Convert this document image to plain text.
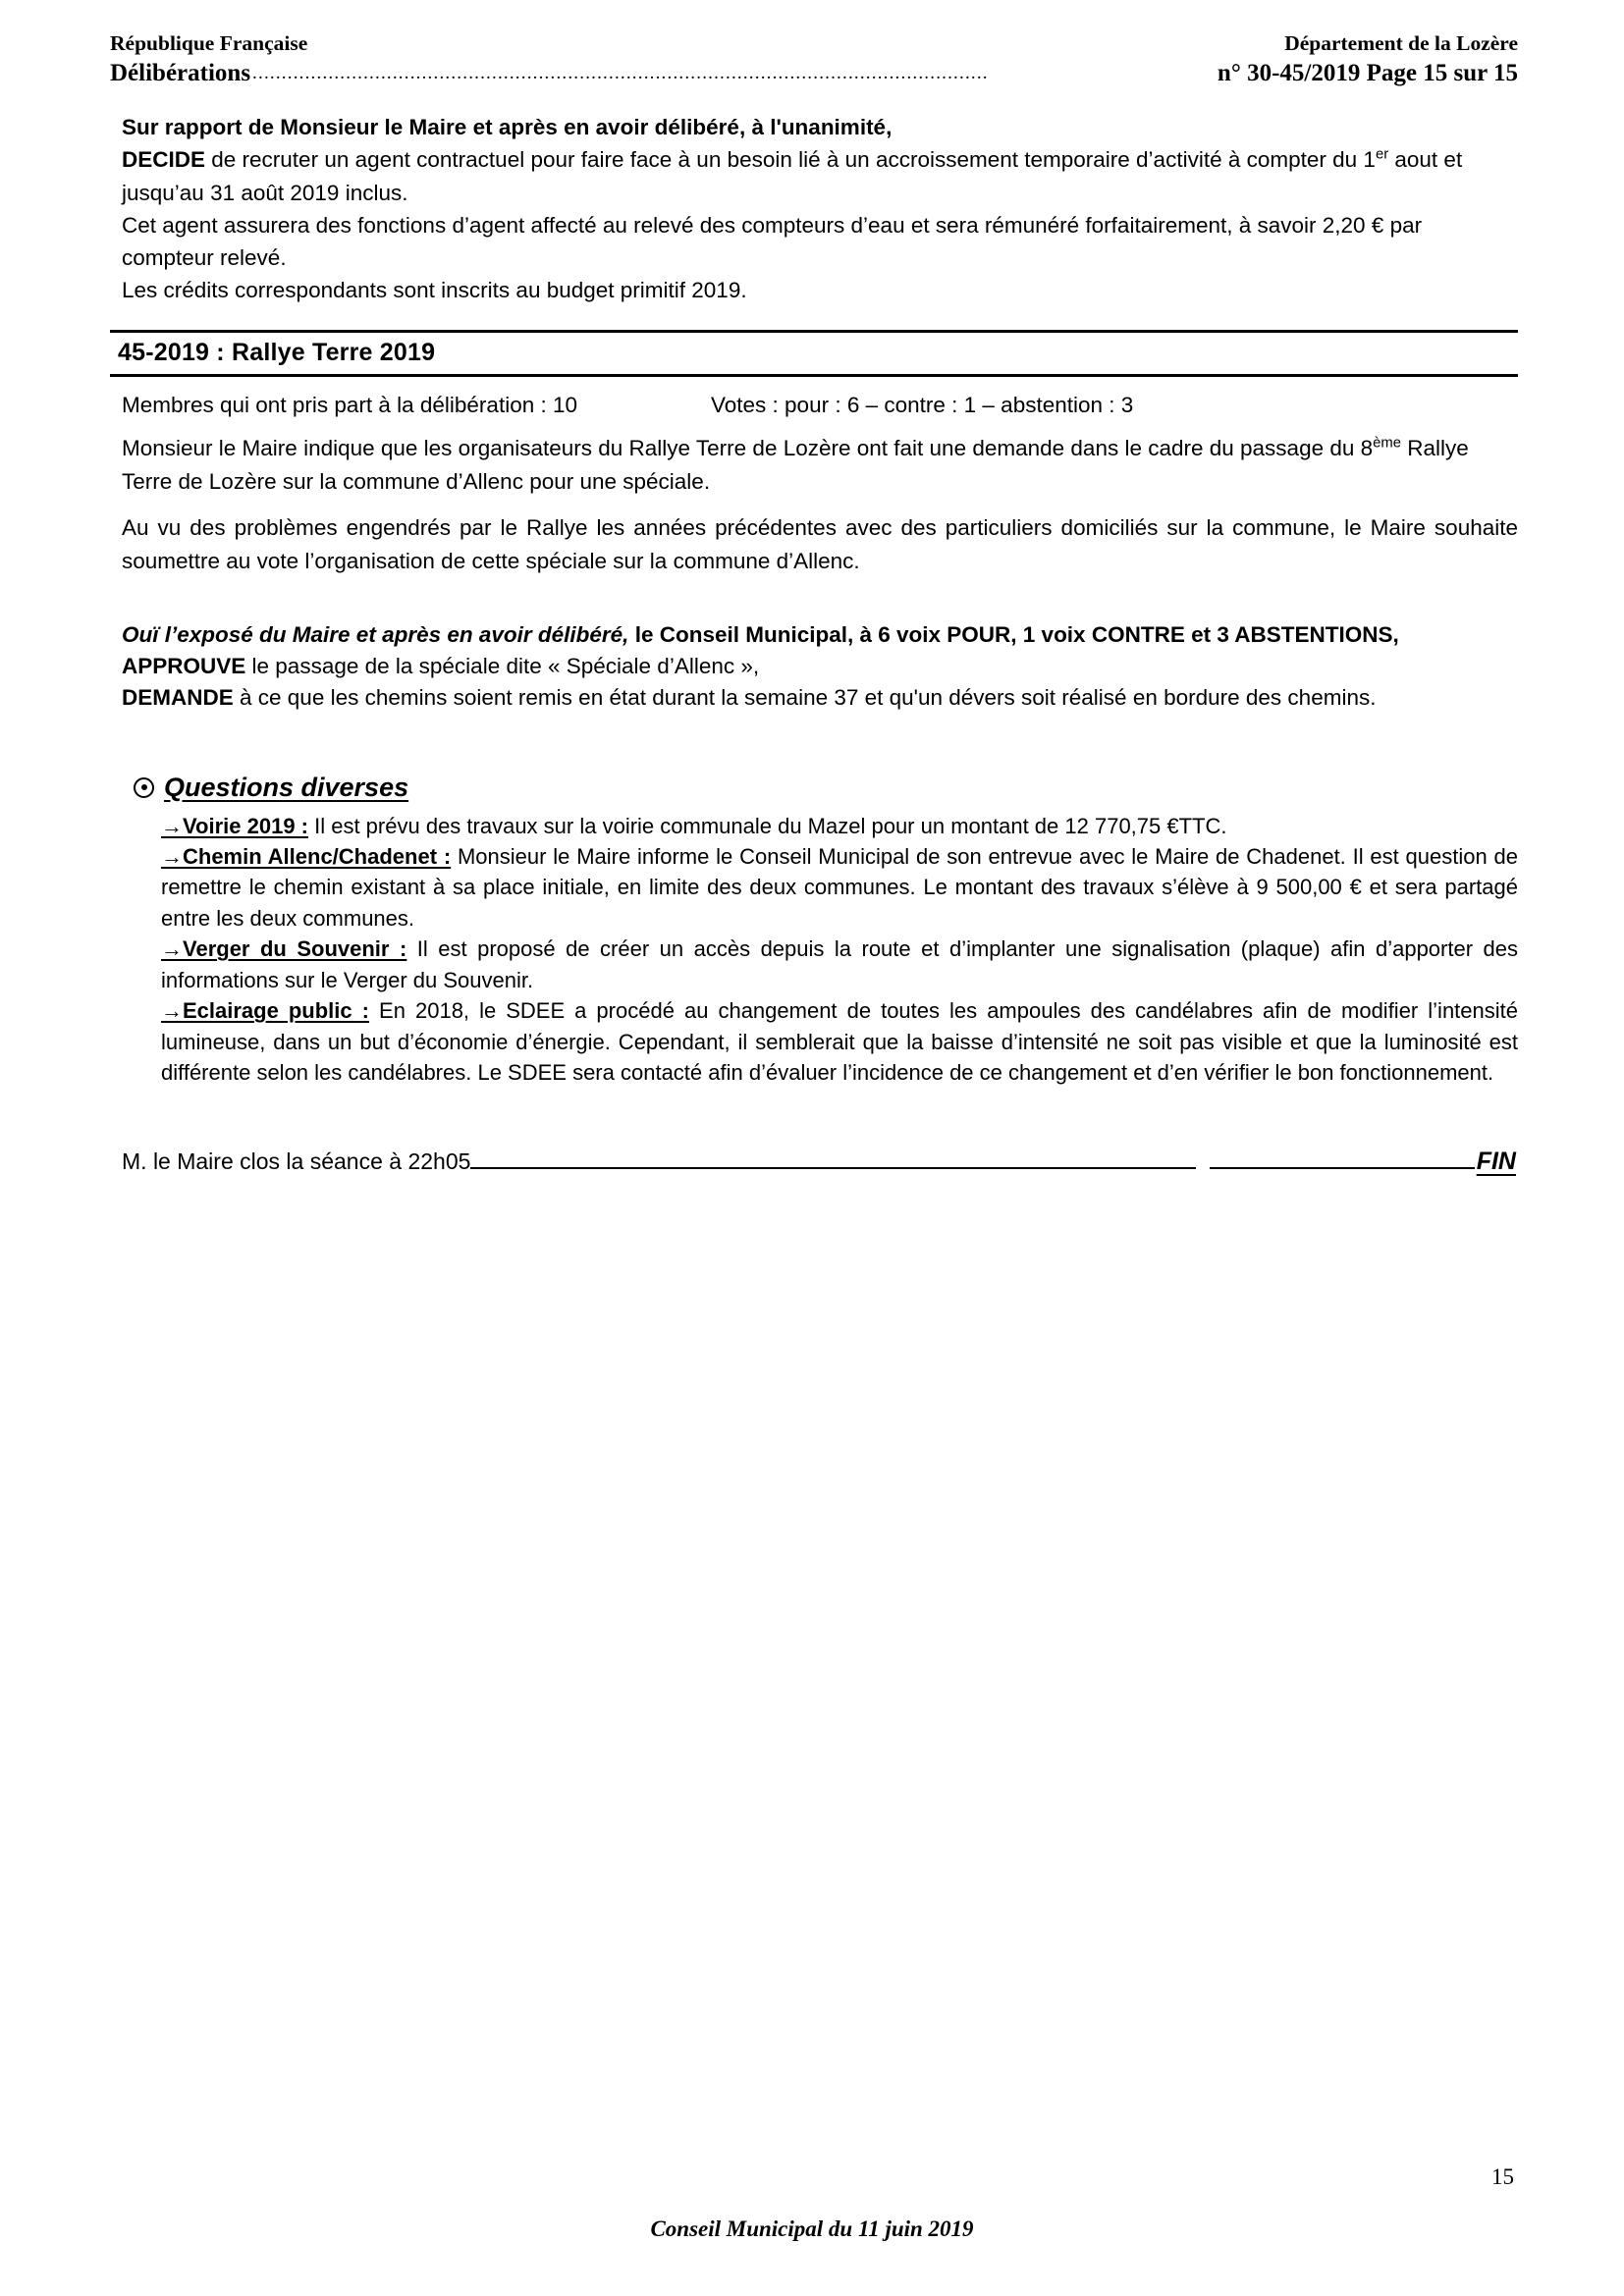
République Française	Département de la Lozère
Délibérations ..............................................................................................................................	n° 30-45/2019 Page 15 sur 15

Sur rapport de Monsieur le Maire et après en avoir délibéré, à l'unanimité,

DECIDE de recruter un agent contractuel pour faire face à un besoin lié à un accroissement temporaire d’activité à compter du 1er aout et jusqu’au 31 août 2019 inclus.

Cet agent assurera des fonctions d’agent affecté au relevé des compteurs d’eau et sera rémunéré forfaitairement, à savoir 2,20 € par compteur relevé.

Les crédits correspondants sont inscrits au budget primitif 2019.

45-2019 : Rallye Terre 2019
Membres qui ont pris part à la délibération : 10	Votes : pour : 6 – contre : 1 – abstention : 3
Monsieur le Maire indique que les organisateurs du Rallye Terre de Lozère ont fait une demande dans le cadre du passage du 8ème Rallye Terre de Lozère sur la commune d’Allenc pour une spéciale.
Au vu des problèmes engendrés par le Rallye les années précédentes avec des particuliers domiciliés sur la commune, le Maire souhaite soumettre au vote l’organisation de cette spéciale sur la commune d’Allenc.

Ouï l’exposé du Maire et après en avoir délibéré, le Conseil Municipal, à 6 voix POUR, 1 voix CONTRE et 3 ABSTENTIONS,

APPROUVE le passage de la spéciale dite « Spéciale d’Allenc »,

DEMANDE à ce que les chemins soient remis en état durant la semaine 37 et qu'un dévers soit réalisé en bordure des chemins.

Questions diverses

→Voirie 2019 : Il est prévu des travaux sur la voirie communale du Mazel pour un montant de 12 770,75 €TTC.

→Chemin Allenc/Chadenet : Monsieur le Maire informe le Conseil Municipal de son entrevue avec le Maire de Chadenet. Il est question de remettre le chemin existant à sa place initiale, en limite des deux communes. Le montant des travaux s’élève à 9 500,00 € et sera partagé entre les deux communes.

→Verger du Souvenir : Il est proposé de créer un accès depuis la route et d’implanter une signalisation (plaque) afin d’apporter des informations sur le Verger du Souvenir.

→Eclairage public : En 2018, le SDEE a procédé au changement de toutes les ampoules des candélabres afin de modifier l’intensité lumineuse, dans un but d’économie d’énergie. Cependant, il semblerait que la baisse d’intensité ne soit pas visible et que la luminosité est différente selon les candélabres. Le SDEE sera contacté afin d’évaluer l’incidence de ce changement et d’en vérifier le bon fonctionnement.

M. le Maire clos la séance à 22h05	FIN
15
Conseil Municipal du 11 juin 2019
